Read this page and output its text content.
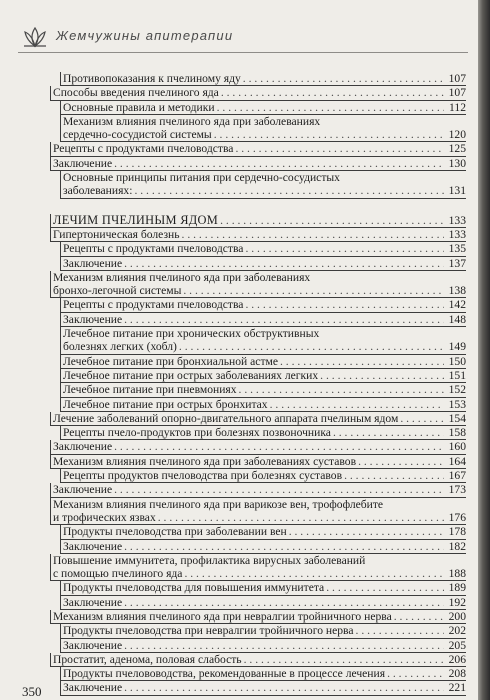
Жемчужины апитерапии
Противопоказания к пчелиному яду . . .	107
Способы введения пчелиного яда . . .	107
Основные правила и методики . . .	112
Механизм влияния пчелиного яда при заболеваниях
сердечно-сосудистой системы . . .	120
Рецепты с продуктами пчеловодства . . .	125
Заключение . . .	130
Основные принципы питания при сердечно-сосудистых
заболеваниях: . . .	131
ЛЕЧИМ ПЧЕЛИНЫМ ЯДОМ . . .	133
Гипертоническая болезнь . . .	133
Рецепты с продуктами пчеловодства . . .	135
Заключение . . .	137
Механизм влияния пчелиного яда при заболеваниях
бронхо-легочной системы . . .	138
Рецепты с продуктами пчеловодства . . .	142
Заключение . . .	148
Лечебное питание при хронических обструктивных
болезнях легких (хобл) . . .	149
Лечебное питание при бронхиальной астме . . .	150
Лечебное питание при острых заболеваниях легких . . .	151
Лечебное питание при пневмониях . . .	152
Лечебное питание при острых бронхитах . . .	153
Лечение заболеваний опорно-двигательного аппарата пчелиным ядом . . .	154
Рецепты пчело-продуктов при болезнях позвоночника . . .	158
Заключение . . .	160
Механизм влияния пчелиного яда при заболеваниях суставов . . .	164
Рецепты продуктов пчеловодства при болезнях суставов . . .	167
Заключение . . .	173
Механизм влияния пчелиного яда при варикозе вен, трофофлебите
и трофических язвах . . .	176
Продукты пчеловодства при заболевании вен . . .	178
Заключение . . .	182
Повышение иммунитета, профилактика вирусных заболеваний
с помощью пчелиного яда . . .	188
Продукты пчеловодства для повышения иммунитета . . .	189
Заключение . . .	192
Механизм влияния пчелиного яда при невралгии тройничного нерва . . .	200
Продукты пчеловодства при невралгии тройничного нерва . . .	202
Заключение . . .	205
Простатит, аденома, половая слабость . . .	206
Продукты пчелововодства, рекомендованные в процессе лечения . . .	208
Заключение . . .	221
350
